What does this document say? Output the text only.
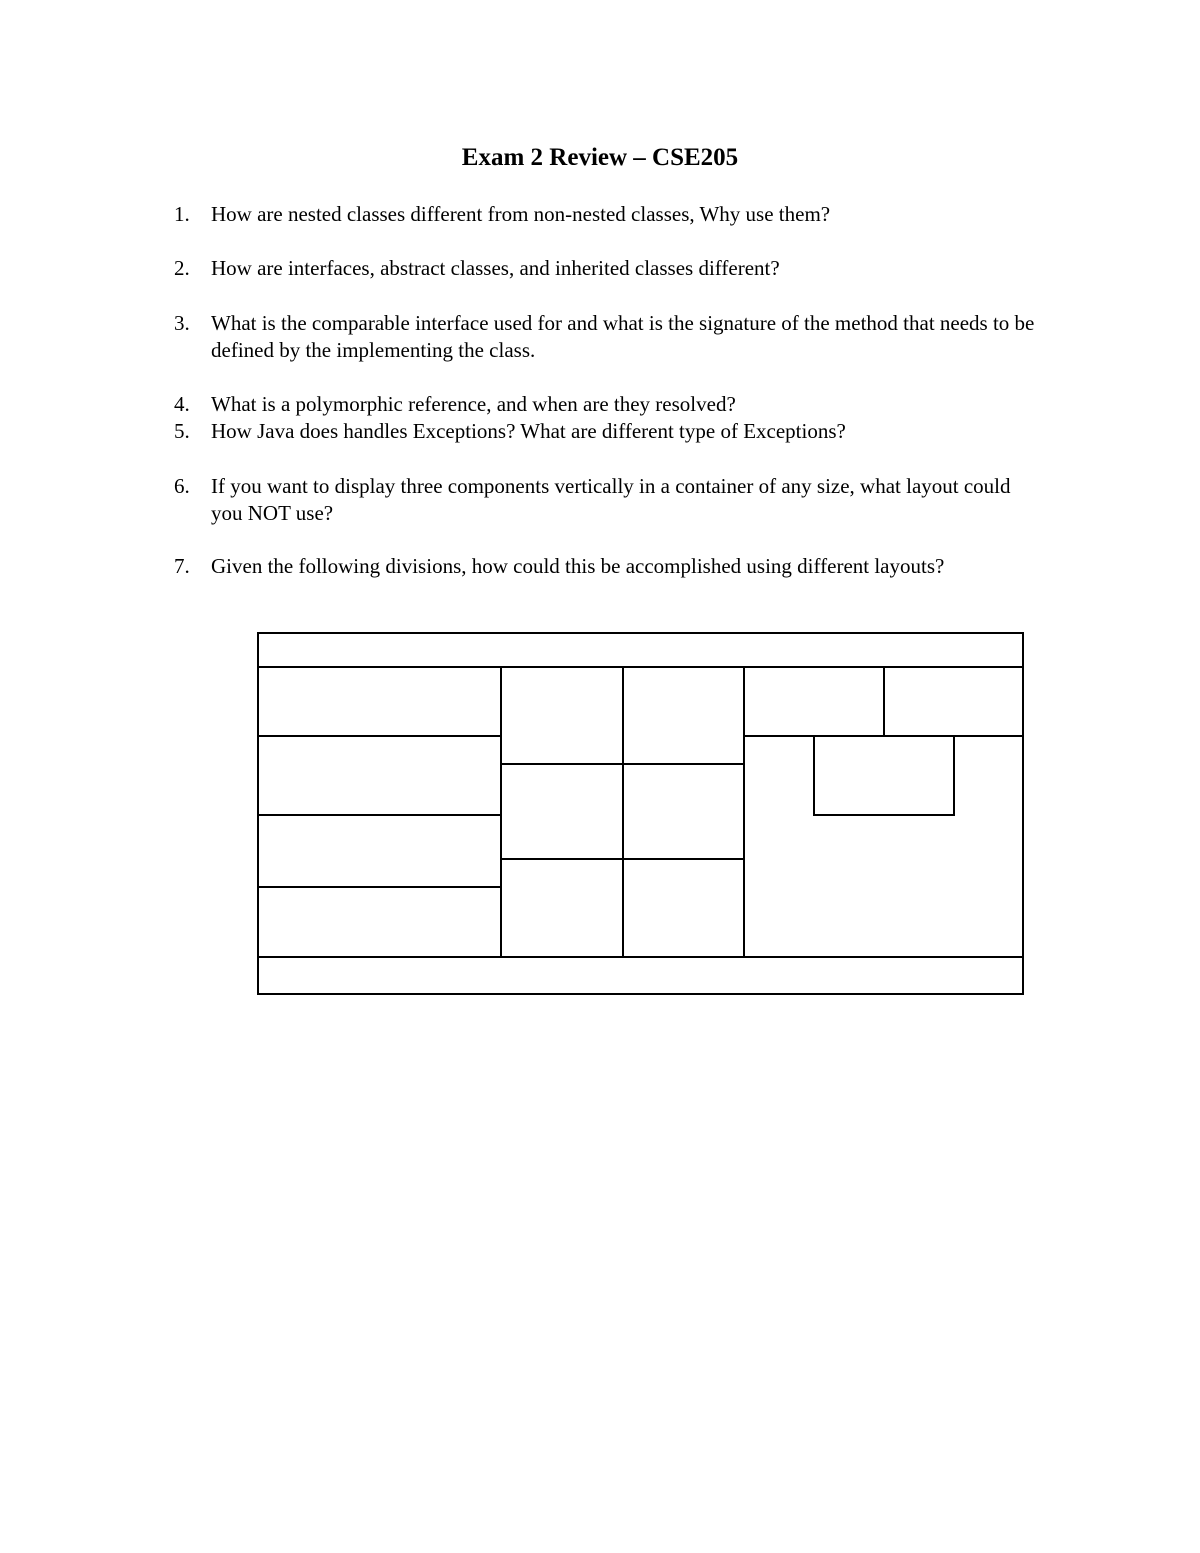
Exam 2 Review – CSE205
1. How are nested classes different from non-nested classes, Why use them?
2. How are interfaces, abstract classes, and inherited classes different?
3. What is the comparable interface used for and what is the signature of the method that needs to be defined by the implementing the class.
4. What is a polymorphic reference, and when are they resolved?
5. How Java does handles Exceptions? What are different type of Exceptions?
6. If you want to display three components vertically in a container of any size, what layout could you NOT use?
7. Given the following divisions, how could this be accomplished using different layouts?
